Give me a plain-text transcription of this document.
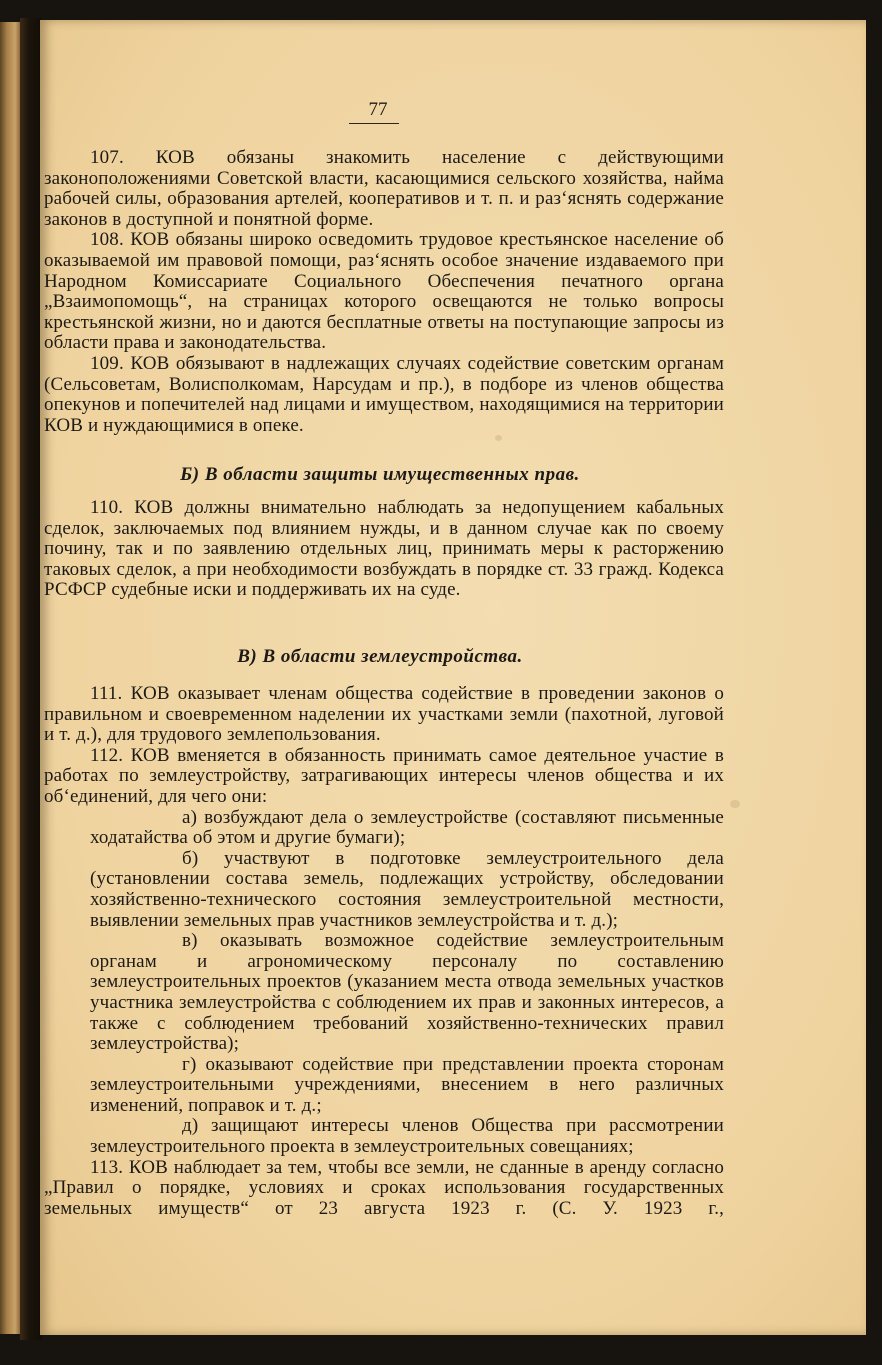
77

107. КОВ обязаны знакомить население с действующими законоположениями Советской власти, касающимися сельского хозяйства, найма рабочей силы, образования артелей, кооперативов и т. п. и раз‘яснять содержание законов в доступной и понятной форме.

108. КОВ обязаны широко осведомить трудовое крестьянское население об оказываемой им правовой помощи, раз‘яснять особое значение издаваемого при Народном Комиссариате Социального Обеспечения печатного органа „Взаимопомощь“, на страницах которого освещаются не только вопросы крестьянской жизни, но и даются бесплатные ответы на поступающие запросы из области права и законодательства.

109. КОВ обязывают в надлежащих случаях содействие советским органам (Сельсоветам, Волисполкомам, Нарсудам и пр.), в подборе из членов общества опекунов и попечителей над лицами и имуществом, находящимися на территории КОВ и нуждающимися в опеке.

Б) В области защиты имущественных прав.

110. КОВ должны внимательно наблюдать за недопущением кабальных сделок, заключаемых под влиянием нужды, и в данном случае как по своему почину, так и по заявлению отдельных лиц, принимать меры к расторжению таковых сделок, а при необходимости возбуждать в порядке ст. 33 гражд. Кодекса РСФСР судебные иски и поддерживать их на суде.

В) В области землеустройства.

111. КОВ оказывает членам общества содействие в проведении законов о правильном и своевременном наделении их участками земли (пахотной, луговой и т. д.), для трудового землепользования.

112. КОВ вменяется в обязанность принимать самое деятельное участие в работах по землеустройству, затрагивающих интересы членов общества и их об‘единений, для чего они:

а) возбуждают дела о землеустройстве (составляют письменные ходатайства об этом и другие бумаги);

б) участвуют в подготовке землеустроительного дела (установлении состава земель, подлежащих устройству, обследовании хозяйственно-технического состояния землеустроительной местности, выявлении земельных прав участников землеустройства и т. д.);

в) оказывать возможное содействие землеустроительным органам и агрономическому персоналу по составлению землеустроительных проектов (указанием места отвода земельных участков участника землеустройства с соблюдением их прав и законных интересов, а также с соблюдением требований хозяйственно-технических правил землеустройства);

г) оказывают содействие при представлении проекта сторонам землеустроительными учреждениями, внесением в него различных изменений, поправок и т. д.;

д) защищают интересы членов Общества при рассмотрении землеустроительного проекта в землеустроительных совещаниях;

113. КОВ наблюдает за тем, чтобы все земли, не сданные в аренду согласно „Правил о порядке, условиях и сроках использования государственных земельных имуществ“ от 23 августа 1923 г. (С. У. 1923 г.,
